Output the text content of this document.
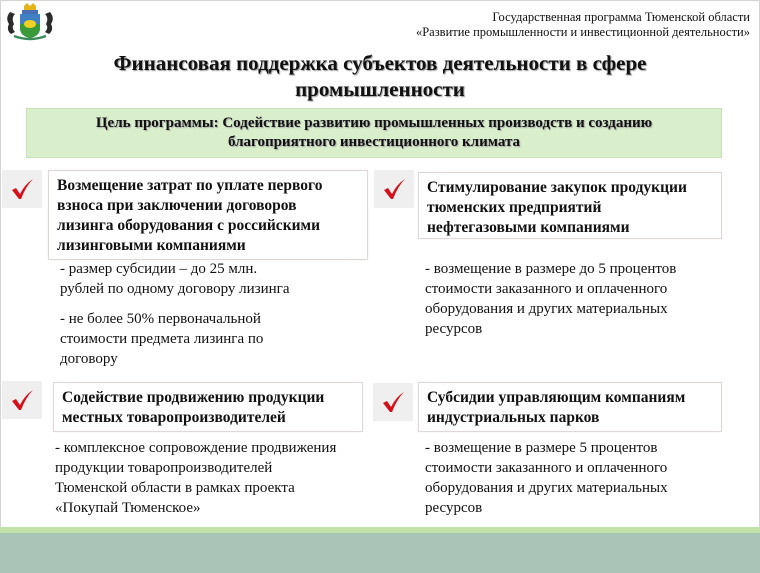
Государственная программа Тюменской области
«Развитие промышленности и инвестиционной деятельности»
Финансовая поддержка субъектов деятельности в сфере
промышленности
Цель программы: Содействие развитию промышленных производств и созданию
благоприятного инвестиционного климата
Возмещение затрат по уплате первого
взноса при заключении договоров
лизинга оборудования с российскими
лизинговыми компаниями

- размер субсидии – до 25 млн.

рублей по одному договору лизинга

- не более 50% первоначальной

стоимости предмета лизинга по

договору

Стимулирование закупок продукции
тюменских предприятий
нефтегазовыми компаниями

- возмещение в размере до 5 процентов

стоимости заказанного и оплаченного

оборудования и других материальных

ресурсов

Содействие продвижению продукции
местных товаропроизводителей

- комплексное сопровождение продвижения

продукции товаропроизводителей

Тюменской области в рамках проекта

«Покупай Тюменское»

Субсидии управляющим компаниям
индустриальных парков

- возмещение в размере 5 процентов

стоимости заказанного и оплаченного

оборудования и других материальных

ресурсов
